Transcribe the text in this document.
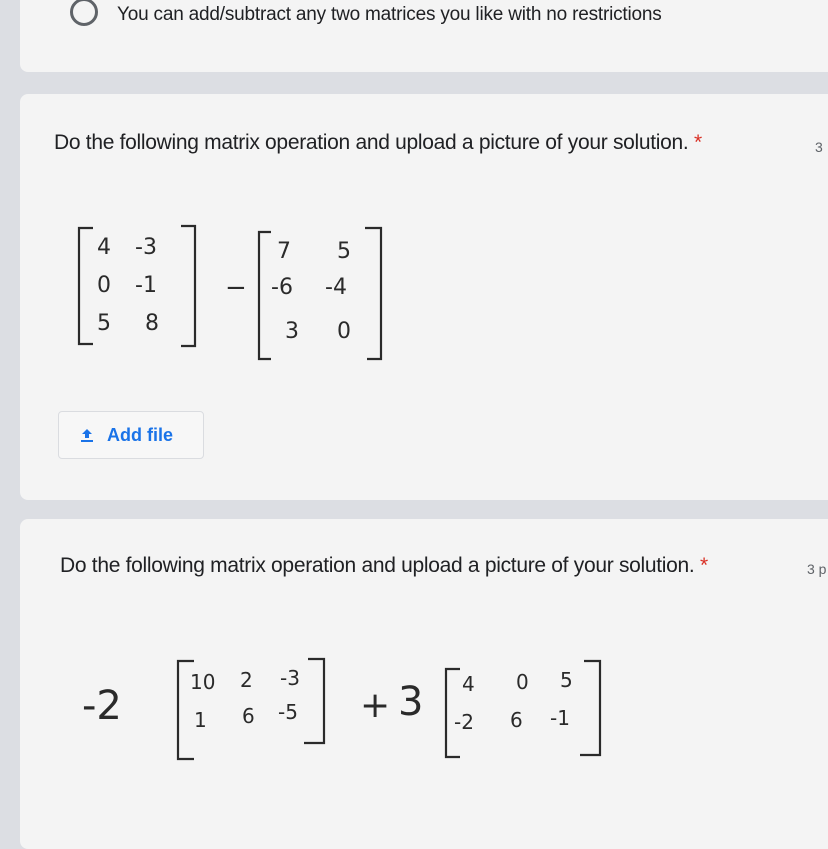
You can add/subtract any two matrices you like with no restrictions
Do the following matrix operation and upload a picture of your solution. *	3
4 -3
0 -1
5 8
−
7 5
-6 -4
3 0
Add file
Do the following matrix operation and upload a picture of your solution. *	3 p
-2
10 2 -3
1 6 -5 + 3 4 0 5
-2 6 -1
